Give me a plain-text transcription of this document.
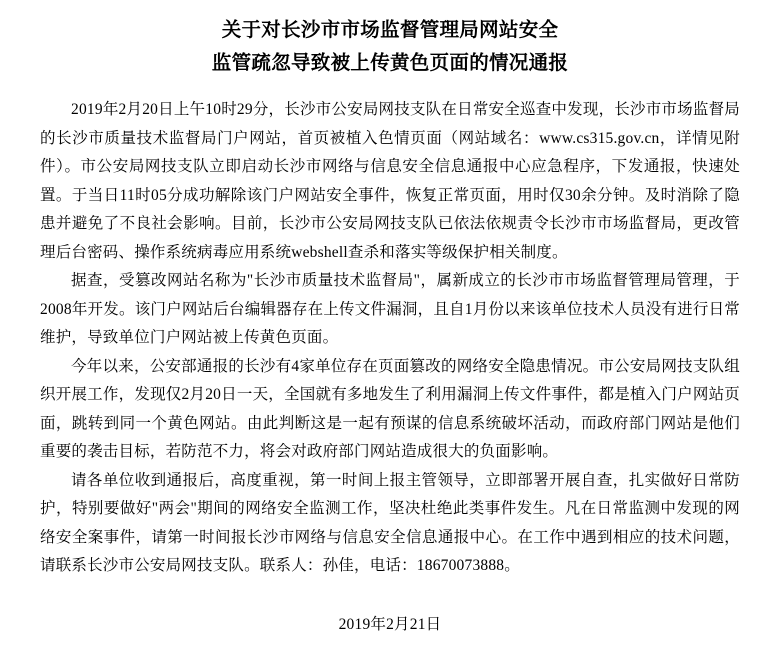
关于对长沙市市场监督管理局网站安全
监管疏忽导致被上传黄色页面的情况通报

2019年2月20日上午10时29分，长沙市公安局网技支队在日常安全巡查中发现，长沙市市场监督局的长沙市质量技术监督局门户网站，首页被植入色情页面（网站域名：www.cs315.gov.cn，详情见附件）。市公安局网技支队立即启动长沙市网络与信息安全信息通报中心应急程序，下发通报，快速处置。于当日11时05分成功解除该门户网站安全事件，恢复正常页面，用时仅30余分钟。及时消除了隐患并避免了不良社会影响。目前，长沙市公安局网技支队已依法依规责令长沙市市场监督局，更改管理后台密码、操作系统病毒应用系统webshell查杀和落实等级保护相关制度。

据查，受篡改网站名称为"长沙市质量技术监督局"，属新成立的长沙市市场监督管理局管理，于2008年开发。该门户网站后台编辑器存在上传文件漏洞，且自1月份以来该单位技术人员没有进行日常维护，导致单位门户网站被上传黄色页面。

今年以来，公安部通报的长沙有4家单位存在页面篡改的网络安全隐患情况。市公安局网技支队组织开展工作，发现仅2月20日一天，全国就有多地发生了利用漏洞上传文件事件，都是植入门户网站页面，跳转到同一个黄色网站。由此判断这是一起有预谋的信息系统破坏活动，而政府部门网站是他们重要的袭击目标，若防范不力，将会对政府部门网站造成很大的负面影响。

请各单位收到通报后，高度重视，第一时间上报主管领导，立即部署开展自查，扎实做好日常防护，特别要做好"两会"期间的网络安全监测工作，坚决杜绝此类事件发生。凡在日常监测中发现的网络安全案事件，请第一时间报长沙市网络与信息安全信息通报中心。在工作中遇到相应的技术问题，请联系长沙市公安局网技支队。联系人：孙佳，电话：18670073888。

2019年2月21日
